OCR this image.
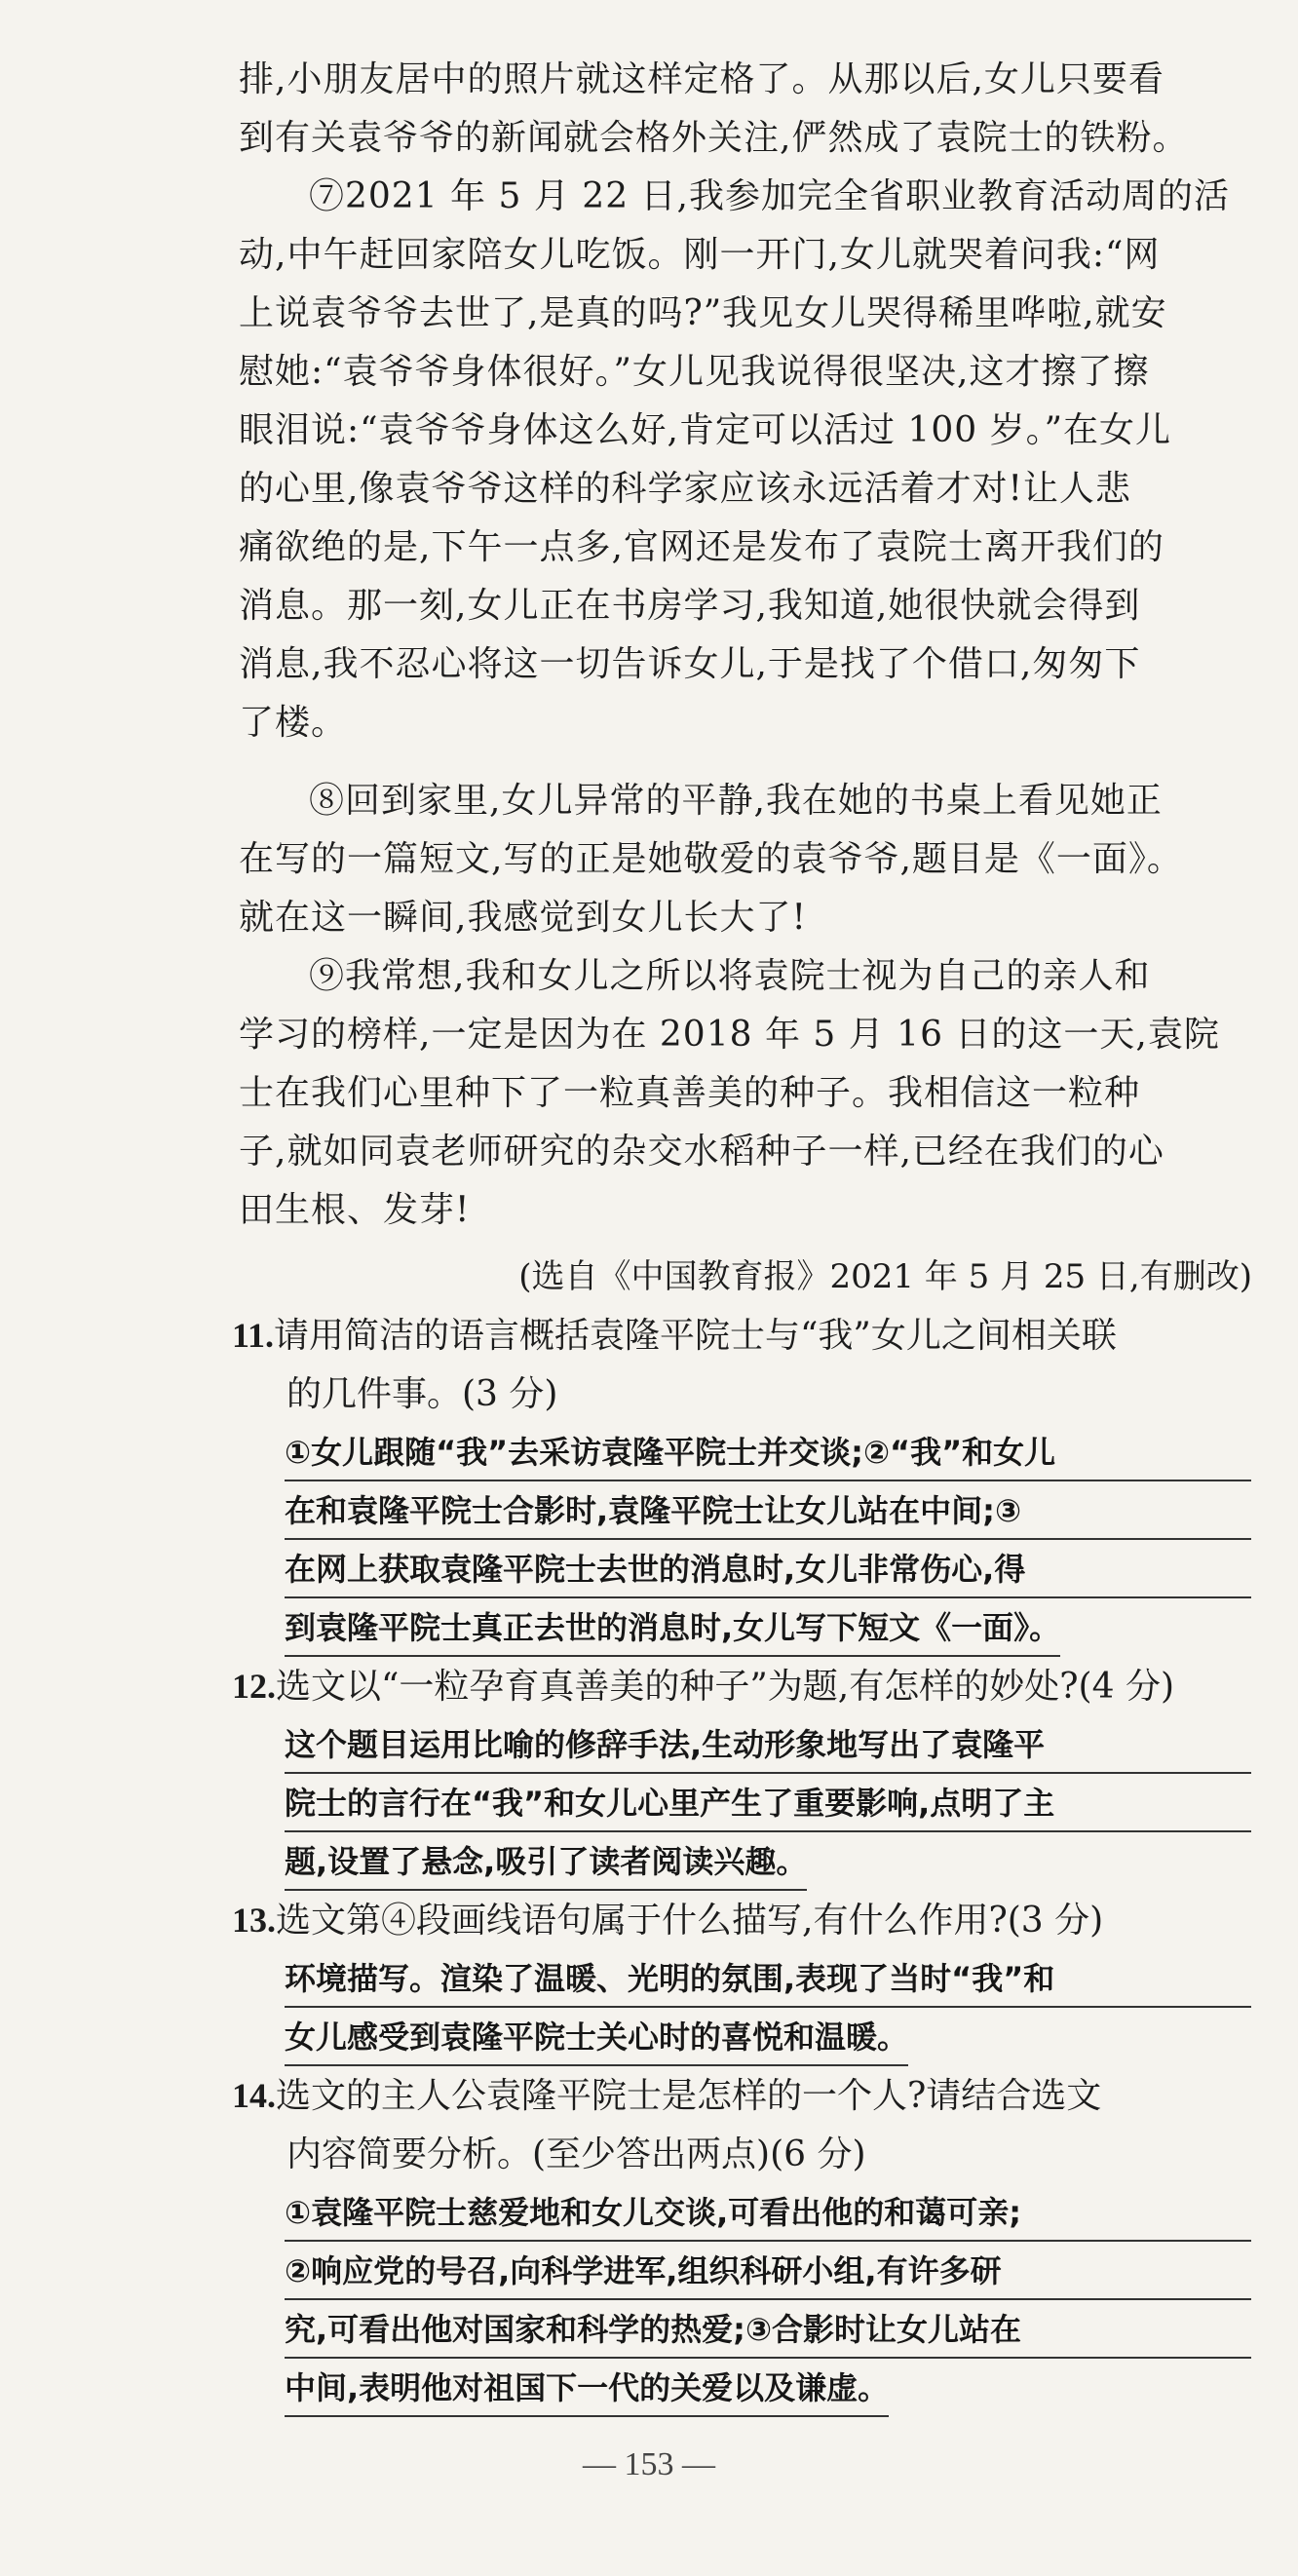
排,小朋友居中的照片就这样定格了。从那以后,女儿只要看
到有关袁爷爷的新闻就会格外关注,俨然成了袁院士的铁粉。

⑦2021 年 5 月 22 日,我参加完全省职业教育活动周的活
动,中午赶回家陪女儿吃饭。刚一开门,女儿就哭着问我:“网
上说袁爷爷去世了,是真的吗?”我见女儿哭得稀里哗啦,就安
慰她:“袁爷爷身体很好。”女儿见我说得很坚决,这才擦了擦
眼泪说:“袁爷爷身体这么好,肯定可以活过 100 岁。”在女儿
的心里,像袁爷爷这样的科学家应该永远活着才对!让人悲
痛欲绝的是,下午一点多,官网还是发布了袁院士离开我们的
消息。那一刻,女儿正在书房学习,我知道,她很快就会得到
消息,我不忍心将这一切告诉女儿,于是找了个借口,匆匆下
了楼。

⑧回到家里,女儿异常的平静,我在她的书桌上看见她正
在写的一篇短文,写的正是她敬爱的袁爷爷,题目是《一面》。
就在这一瞬间,我感觉到女儿长大了!

⑨我常想,我和女儿之所以将袁院士视为自己的亲人和
学习的榜样,一定是因为在 2018 年 5 月 16 日的这一天,袁院
士在我们心里种下了一粒真善美的种子。我相信这一粒种
子,就如同袁老师研究的杂交水稻种子一样,已经在我们的心
田生根、发芽!

(选自《中国教育报》2021 年 5 月 25 日,有删改)
11.请用简洁的语言概括袁隆平院士与“我”女儿之间相关联
的几件事。(3 分)
①女儿跟随“我”去采访袁隆平院士并交谈;②“我”和女儿
在和袁隆平院士合影时,袁隆平院士让女儿站在中间;③
在网上获取袁隆平院士去世的消息时,女儿非常伤心,得
到袁隆平院士真正去世的消息时,女儿写下短文《一面》。
12.选文以“一粒孕育真善美的种子”为题,有怎样的妙处?(4 分)
这个题目运用比喻的修辞手法,生动形象地写出了袁隆平
院士的言行在“我”和女儿心里产生了重要影响,点明了主
题,设置了悬念,吸引了读者阅读兴趣。
13.选文第④段画线语句属于什么描写,有什么作用?(3 分)
环境描写。渲染了温暖、光明的氛围,表现了当时“我”和
女儿感受到袁隆平院士关心时的喜悦和温暖。
14.选文的主人公袁隆平院士是怎样的一个人?请结合选文
内容简要分析。(至少答出两点)(6 分)
①袁隆平院士慈爱地和女儿交谈,可看出他的和蔼可亲;
②响应党的号召,向科学进军,组织科研小组,有许多研
究,可看出他对国家和科学的热爱;③合影时让女儿站在
中间,表明他对祖国下一代的关爱以及谦虚。
— 153 —
